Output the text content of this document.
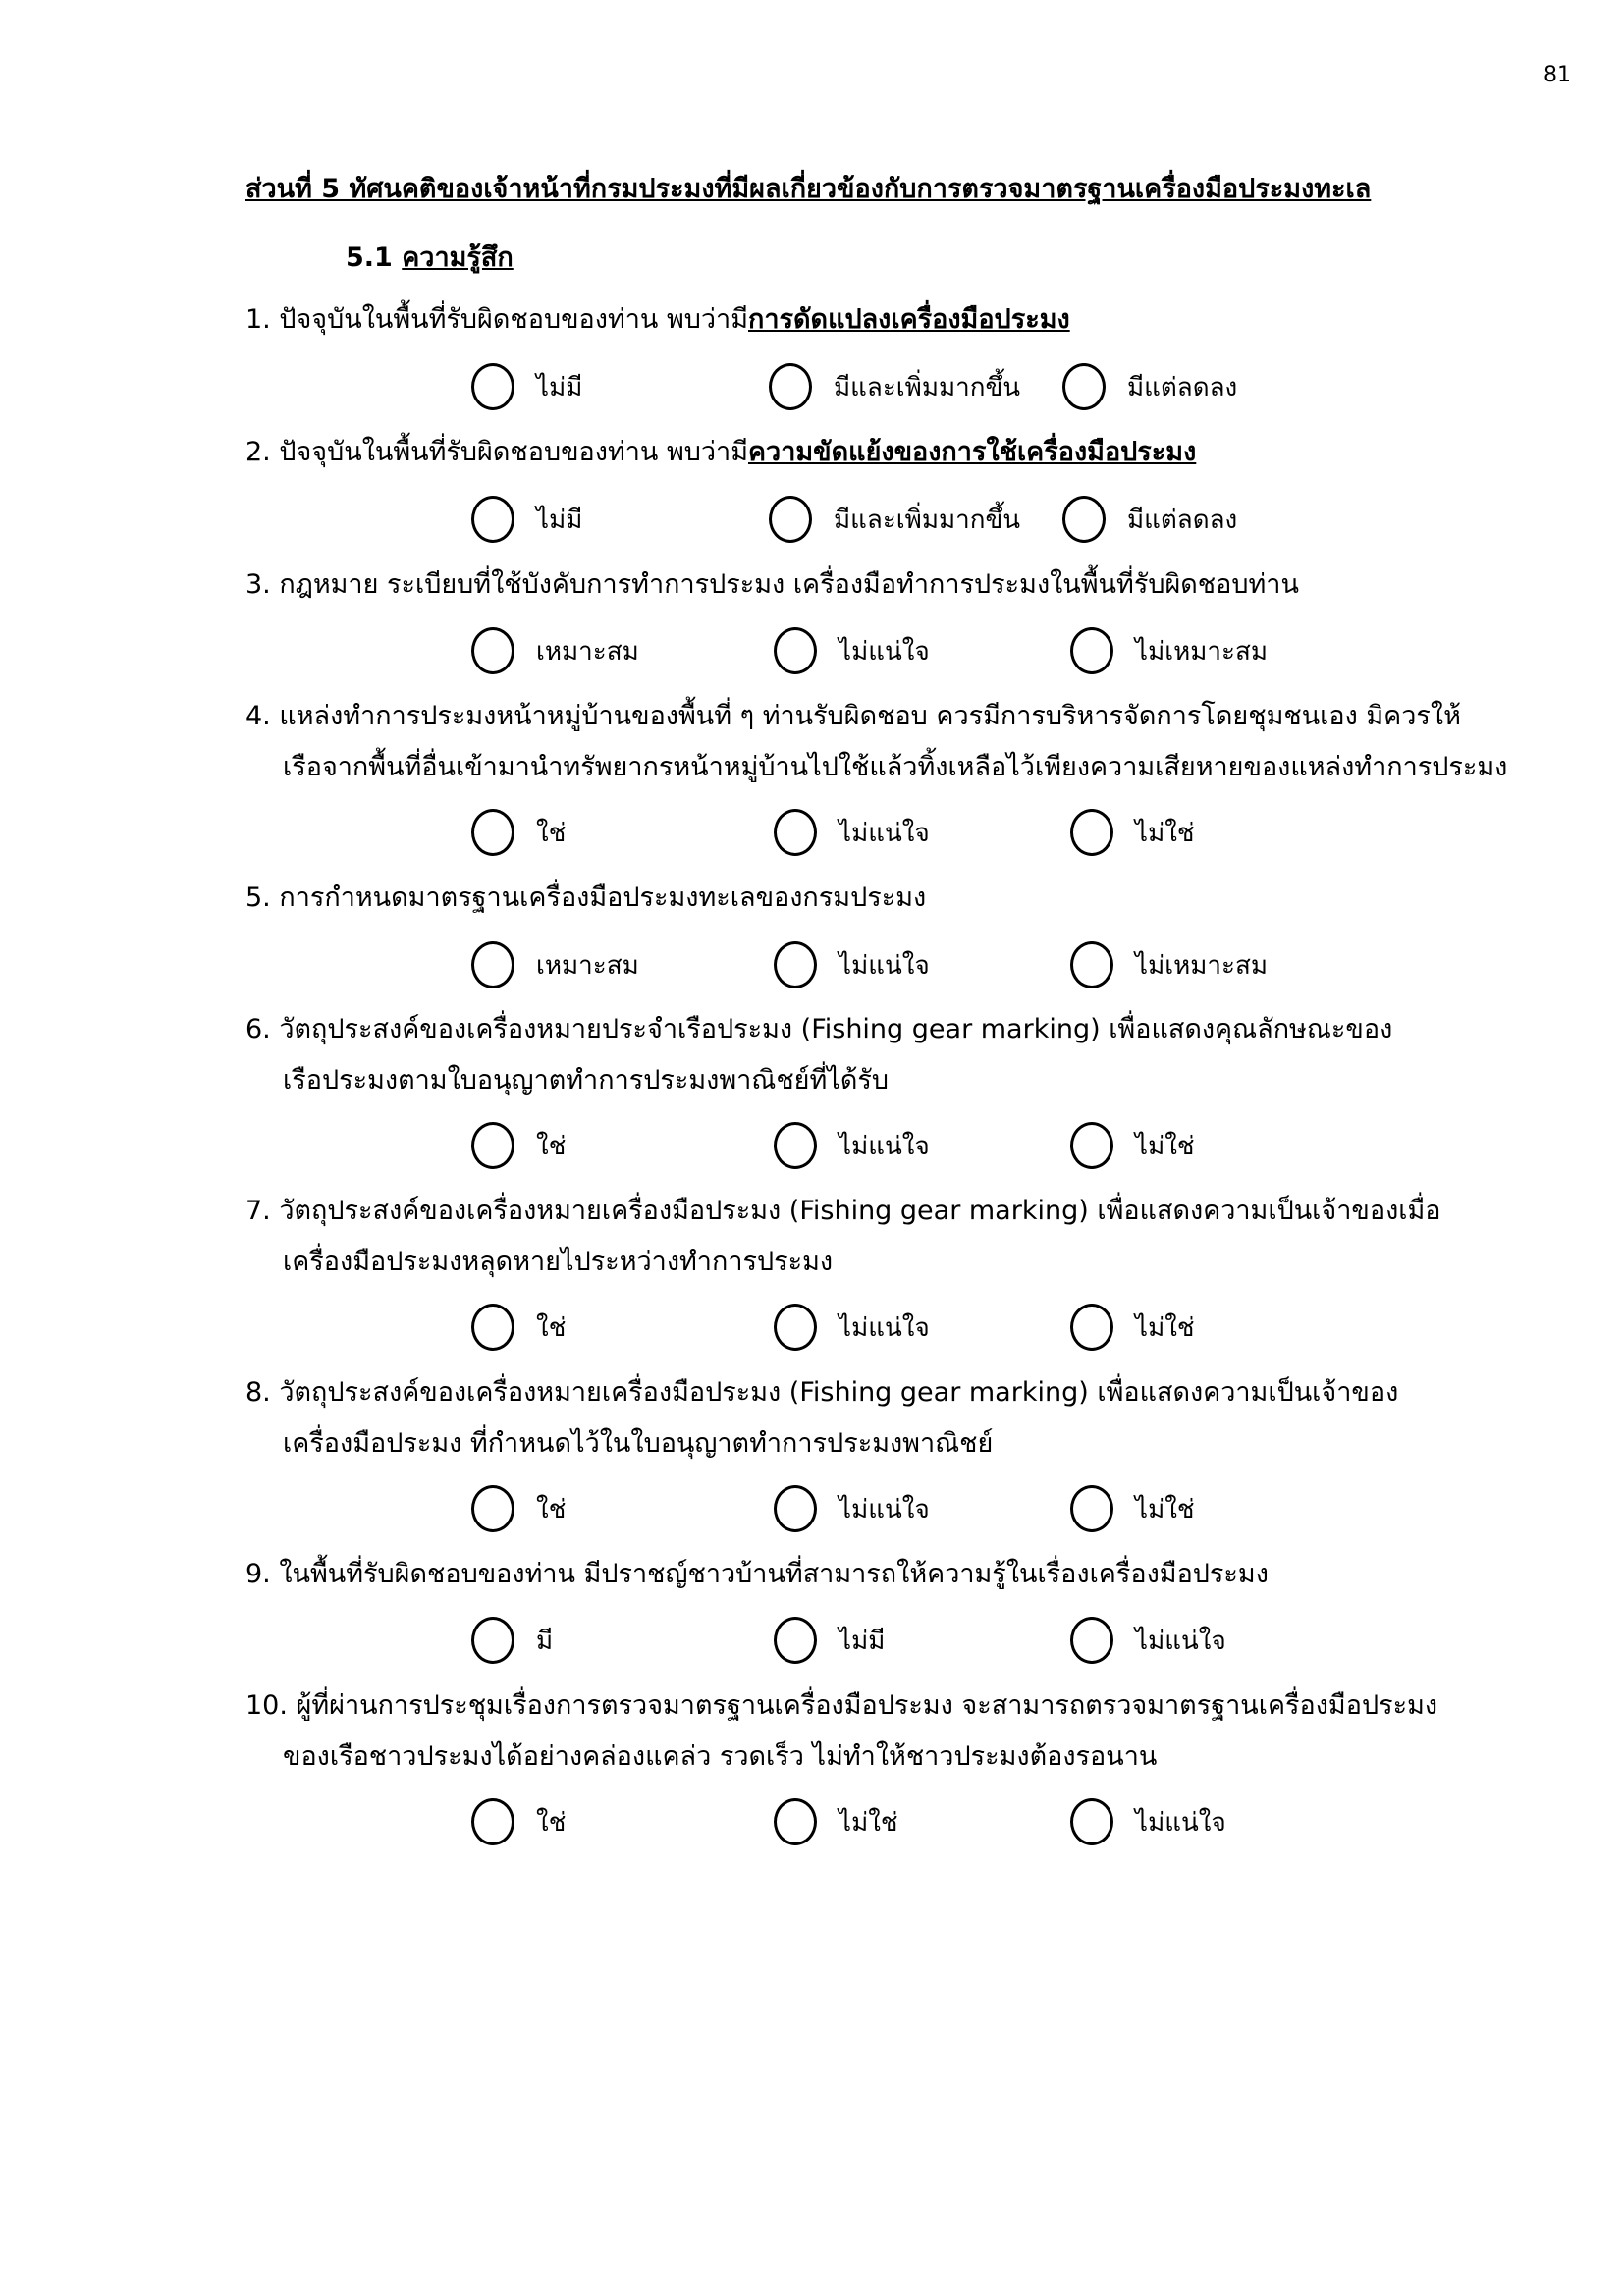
81
ส่วนที่ 5 ทัศนคติของเจ้าหน้าที่กรมประมงที่มีผลเกี่ยวข้องกับการตรวจมาตรฐานเครื่องมือประมงทะเล
5.1 ความรู้สึก
1. ปัจจุบันในพื้นที่รับผิดชอบของท่าน พบว่ามีการดัดแปลงเครื่องมือประมง
ไม่มี	มีและเพิ่มมากขึ้น	มีแต่ลดลง
2. ปัจจุบันในพื้นที่รับผิดชอบของท่าน พบว่ามีความขัดแย้งของการใช้เครื่องมือประมง
ไม่มี	มีและเพิ่มมากขึ้น	มีแต่ลดลง
3. กฎหมาย ระเบียบที่ใช้บังคับการทำการประมง เครื่องมือทำการประมงในพื้นที่รับผิดชอบท่าน
เหมาะสม	ไม่แน่ใจ	ไม่เหมาะสม
4. แหล่งทำการประมงหน้าหมู่บ้านของพื้นที่ ๆ ท่านรับผิดชอบ ควรมีการบริหารจัดการโดยชุมชนเอง มิควรให้
เรือจากพื้นที่อื่นเข้ามานำทรัพยากรหน้าหมู่บ้านไปใช้แล้วทิ้งเหลือไว้เพียงความเสียหายของแหล่งทำการประมง
ใช่	ไม่แน่ใจ	ไม่ใช่
5. การกำหนดมาตรฐานเครื่องมือประมงทะเลของกรมประมง
เหมาะสม	ไม่แน่ใจ	ไม่เหมาะสม
6. วัตถุประสงค์ของเครื่องหมายประจำเรือประมง (Fishing gear marking) เพื่อแสดงคุณลักษณะของ
เรือประมงตามใบอนุญาตทำการประมงพาณิชย์ที่ได้รับ
ใช่	ไม่แน่ใจ	ไม่ใช่
7. วัตถุประสงค์ของเครื่องหมายเครื่องมือประมง (Fishing gear marking) เพื่อแสดงความเป็นเจ้าของเมื่อ
เครื่องมือประมงหลุดหายไประหว่างทำการประมง
ใช่	ไม่แน่ใจ	ไม่ใช่
8. วัตถุประสงค์ของเครื่องหมายเครื่องมือประมง (Fishing gear marking) เพื่อแสดงความเป็นเจ้าของ
เครื่องมือประมง ที่กำหนดไว้ในใบอนุญาตทำการประมงพาณิชย์
ใช่	ไม่แน่ใจ	ไม่ใช่
9. ในพื้นที่รับผิดชอบของท่าน มีปราชญ์ชาวบ้านที่สามารถให้ความรู้ในเรื่องเครื่องมือประมง
มี	ไม่มี	ไม่แน่ใจ
10. ผู้ที่ผ่านการประชุมเรื่องการตรวจมาตรฐานเครื่องมือประมง จะสามารถตรวจมาตรฐานเครื่องมือประมง
ของเรือชาวประมงได้อย่างคล่องแคล่ว รวดเร็ว ไม่ทำให้ชาวประมงต้องรอนาน
ใช่	ไม่ใช่	ไม่แน่ใจ
